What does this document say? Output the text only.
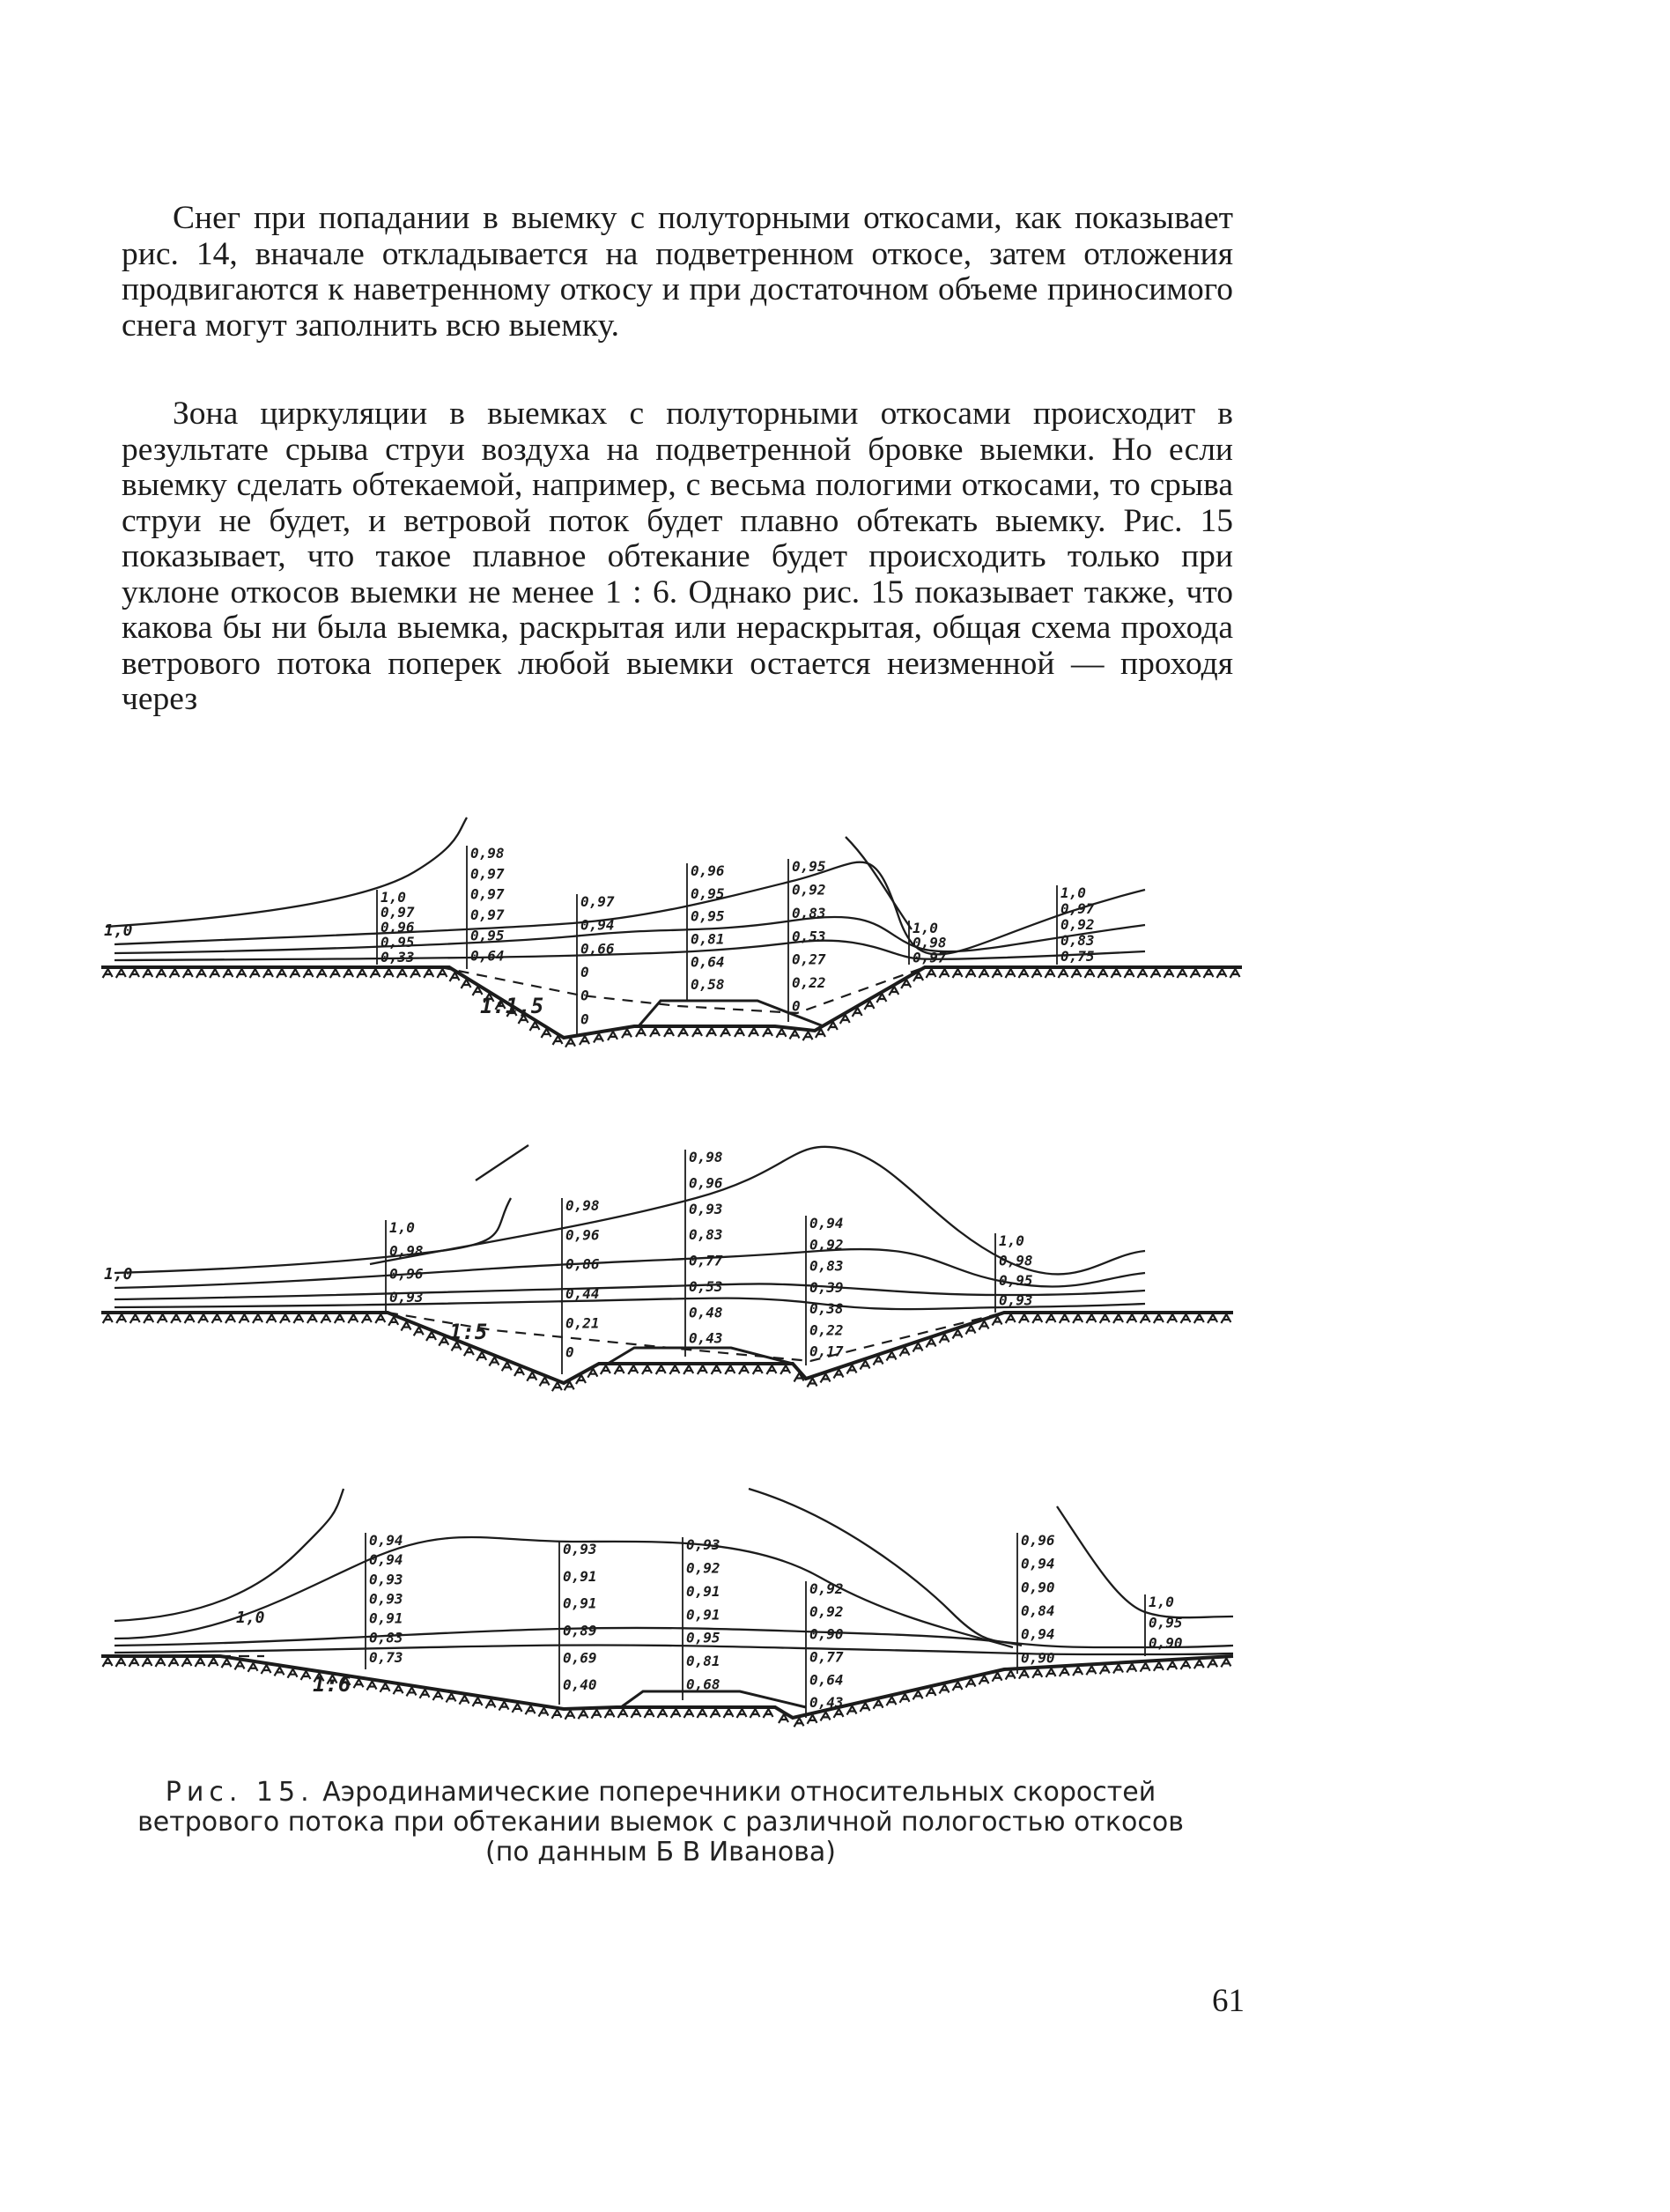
Снег при попадании в выемку с полуторными откосами, как показывает рис. 14, вначале откладывается на подветренном откосе, затем отложения продвигаются к наветренному откосу и при достаточном объеме приносимого снега могут заполнить всю выемку.

Зона циркуляции в выемках с полуторными откосами происходит в результате срыва струи воздуха на подветренной бровке выемки. Но если выемку сделать обтекаемой, например, с весьма пологими откосами, то срыва струи не будет, и ветровой поток будет плавно обтекать выемку. Рис. 15 показывает, что такое плавное обтекание будет происходить только при уклоне откосов выемки не менее 1 : 6. Однако рис. 15 показывает также, что какова бы ни была выемка, раскрытая или нераскрытая, общая схема прохода ветрового потока поперек любой выемки остается неизменной — проходя через

1,0
0,97
0,96
0,95
0,33
0,98
0,97
0,97
0,97
0,95
0,64
0,97
0,94
0,66
0
0
0
0,96
0,95
0,95
0,81
0,64
0,58
0,95
0,92
0,83
0,53
0,27
0,22
0
1,0
0,98
0,97
1,0
0,97
0,92
0,83
0,75
1:1,5
1,0
1,0
0,98
0,96
0,93
0,98
0,96
0,86
0,44
0,21
0
0,98
0,96
0,93
0,83
0,77
0,53
0,48
0,43
0,94
0,92
0,83
0,39
0,38
0,22
0,17
1,0
0,98
0,95
0,93
1:5
1,0
0,94
0,94
0,93
0,93
0,91
0,83
0,73
0,93
0,91
0,91
0,89
0,69
0,40
0,93
0,92
0,91
0,91
0,95
0,81
0,68
0,92
0,92
0,90
0,77
0,64
0,43
0,96
0,94
0,90
0,84
0,94
0,90
1,0
0,95
0,90
1:6
1,0

Рис. 15. Аэродинамические поперечники относительных скоростей ветрового потока при обтекании выемок с различной пологостью откосов (по данным Б В Иванова)

61
